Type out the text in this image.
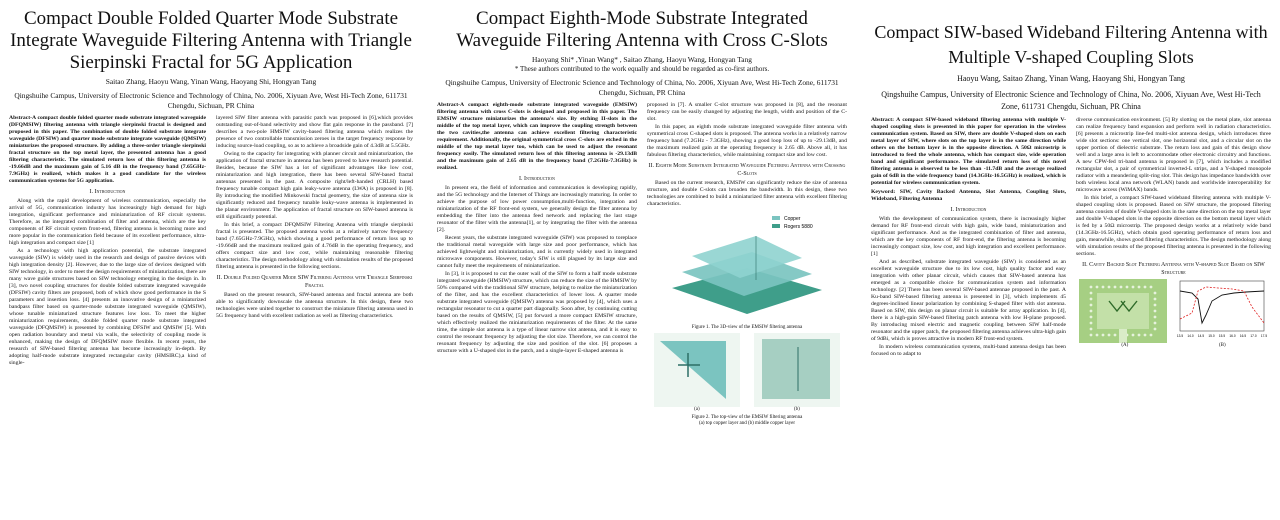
Compact Double Folded Quarter Mode Substrate Integrate Waveguide Filtering Antenna with Triangle Sierpinski Fractal for 5G Application
Saitao Zhang, Haoyu Wang, Yinan Wang, Haoyang Shi, Hongyan Tang
Qingshuihe Campus, University of Electronic Science and Technology of China, No. 2006, Xiyuan Ave, West Hi-Tech Zone, 611731 Chengdu, Sichuan, PR China

Abstract-A compact double folded quarter mode substrate integrated waveguide (DFQMSIW) filtering antenna with triangle sierpinski fractal is designed and proposed in this paper. The combination of double folded substrate integrate waveguide (DFSIW) and quarter mode substrate integrate waveguide (QMSIW) miniaturizes the proposed structure. By adding a three-order triangle sierpinski fractal structure on the top metal layer, the presented antenna has a good filtering characteristic. The simulated return loss of this filtering antenna is -19.66dB and the maximum gain of 5.16 dB in the frequency band (7.65GHz-7.9GHz) is realized, which makes it a good candidate for the wireless communication systems for 5G application.

I. Introduction

Along with the rapid development of wireless communication, especially the arrival of 5G, communication industry has increasingly high demand for high integration, significant performance and miniaturization of RF circuit systems. Therefore, as the integrated combination of filter and antenna, which are the key components of RF circuit system front-end, filtering antenna is becoming more and more popular in the communication field because of its excellent performance, ultra-high integration and compact size [1]

As a technology with high application potential, the substrate integrated waveguide (SIW) is widely used in the research and design of passive devices with high integration density [2]. However, due to the large size of devices designed with SIW technology, in order to meet the design requirements of miniaturization, there are many wave guide structures based on SIW technology emerging in the design in. In [3], two novel coupling structures for double folded substrate integrated waveguide (DFSIW) cavity filters are proposed, both of which show good performance in the S parameters and insertion loss. [4] presents an innovative design of a miniaturized bandpass filter based on quarter-mode substrate integrated waveguide (QMSIW), whose tunable miniaturized structure features low loss. To meet the higher miniaturization requirements, double folded quarter mode substrate integrated waveguide (DFQMSIW) is presented by combining DFSIW and QMSIW [5]. With open radiation boundary and metal via walls, the selectivity of coupling mode is enhanced, making the design of DFQMSIW more flexible. In recent years, the research of SIW-based filtering antenna has become increasingly in-depth. By adopting half-mode substrate integrated rectangular cavity (HMSIRC),a kind of single-

layered SIW filter antenna with parasitic patch was proposed in [6],which provides outstanding out-of-band selectivity and show flat gain response in the passband. [7] describes a two-pole HMSIW cavity-based filtering antenna which realizes the presence of two controllable transmission zeroes in the target frequency response by inducing source-load coupling, so as to achieve a broadside gain of 4.3dB at 5.5GHz.

Owing to the capacity for integrating with planner circuit and miniaturization, the application of fractal structure in antenna has been proved to have research potential. Besides, because the SIW has a lot of significant advantages like low cost, miniaturization and high integration, there has been several SIW-based fractal antennas presented in the past. A composite right/left-handed (CRLH) based frequency tunable compact high gain leaky-wave antenna (LWA) is proposed in [8]. By introducing the modified Minkowski fractal geometry, the size of antenna size is significantly reduced and frequency tunable leaky-wave antenna is implemented in the planar environment. The application of fractal structure on SIW-based antenna is still significantly potential.

In this brief, a compact DFQMSIW Filtering Antenna with triangle sierpinski fractal is presented. The proposed antenna works at a relatively narrow frequency band (7.65GHz-7.9GHz), which showing a good performance of return loss up to -19.66dB and the maximum realized gain of 4.76dB in the operating frequency, and offers compact size and low cost, while maintaining reasonable filtering characteristics. The design methodology along with simulation results of the proposed filtering antenna is presented in the following sections.

II. Double Folded Quarter Mode SIW Filtering Antenna with Triangle Sierpinski Fractal

Based on the present research, SIW-based antenna and fractal antenna are both able to significantly downscale the antenna structure. In this design, these two technologies were united together to construct the miniature filtering antenna used in 5G frequency band with excellent radiation as well as filtering characteristics.

Compact Eighth-Mode Substrate Integrated Waveguide Filtering Antenna with Cross C-Slots
Haoyang Shi* ,Yinan Wang* , Saitao Zhang, Haoyu Wang, Hongyan Tang
* These authors contributed to the work equally and should be regarded as co-first authors.
Qingshuihe Campus, University of Electronic Science and Technology of China, No. 2006, Xiyuan Ave, West Hi-Tech Zone, 611731 Chengdu, Sichuan, PR China

Abstract-A compact eighth-mode substrate integrated waveguide (EMSIW) filtering antenna with cross C-slots is designed and proposed in this paper. The EMSIW structure miniaturizes the antenna's size. By etching II-slots in the middle of the top metal layer, which can improve the coupling strength between the two cavities,the antenna can achieve excellent filtering characteristic requirement. Additionally, the original symmetrical cross C-slots are etched in the middle of the top metal layer too, which can be used to adjust the resonant frequency easily. The simulated return loss of this filtering antenna is -29.13dB and the maximum gain of 2.65 dB in the frequency band (7.2GHz-7.3GHz) is realized.

I. Introduction

In present era, the field of information and communication is developing rapidly, and the 5G technology and the Internet of Things are increasingly maturing. In order to achieve the purpose of low power consumption,multi-function, integration and miniaturization of the RF front-end system, we generally design the filter antenna by embedding the filter into the antenna feed network and replacing the last stage resonator of the filter with the antenna[1], or by integrating the filter with the antenna [2].

Recent years, the substrate integrated waveguide (SIW) was proposed to toreplace the traditional metal waveguide with large size and poor performance, which has achieved lightweight and miniaturization, and is currently widely used in integrated microwave components. However, today's SIW is still plagued by its large size and cannot fully meet the requirements of miniaturization.

In [3], it is proposed to cut the outer wall of the SIW to form a half mode substrate integrated waveguide (HMSIW) structure, which can reduce the size of the HMSIW by 50% compared with the traditional SIW structure, helping to realize the miniaturization of the filter, and has the excellent characteristics of lower loss. A quarter mode substrate integrated waveguide (QMSIW) antenna was proposed by [4], which uses a rectangular resonator to cut a quarter part diagonally. Soon after, by continuing cutting based on the results of QMSIW, [5] put forward a more compact EMSIW structure, which effectively realized the miniaturization requirements of the filter. At the same time, the simple slot antenna is a type of linear narrow slot antenna, and it is easy to control the resonant frequency by adjusting the slot size. Therefore, we can control the resonant frequency by adjusting the size and position of the slot. [6] proposes a structure with a U-shaped slot in the patch, and a single-layer E-shaped antenna is

proposed in [7]. A smaller C-slot structure was proposed in [8], and the resonant frequency can be easily changed by adjusting the length, width and position of the C-slot.

In this paper, an eighth mode substrate integrated waveguide filter antenna with symmetrical cross C-shaped slots is proposed. The antenna works in a relatively narrow frequency band (7.2GHz - 7.3GHz), showing a good loop loss of up to -29.13dB, and the maximum realized gain at the operating frequency is 2.65 dB. Above all, it has fabulous filtering characteristics, while maintaining compact size and low cost.

II. Eighth Mode Substrate Integrated Waveguide Filtering Antenna with Crossing C-Slots

Based on the current research, EMSIW can significantly reduce the size of antenna structure, and double C-slots can broaden the bandwidth. In this design, these two technologies are combined to build a miniaturized filter antenna with excellent filtering characteristics.

Copper
Rogers 5880
Figure 1. The 3D-view of the EMSIW filtering antenna
(a)	(b)
Figure 2. The top-view of the EMSIW filtering antenna
(a) top copper layer and (b) middle copper layer
Compact SIW-based Wideband Filtering Antenna with Multiple V-shaped Coupling Slots
Haoyu Wang, Saitao Zhang, Yinan Wang, Haoyang Shi, Hongyan Tang
Qingshuihe Campus, University of Electronic Science and Technology of China, No. 2006, Xiyuan Ave, West Hi-Tech Zone, 611731 Chengdu, Sichuan, PR China

Abstract: A compact SIW-based wideband filtering antenna with multiple V-shaped coupling slots is presented in this paper for operation in the wireless communication system. Based on SIW, there are double V-shaped slots on each metal layer of SIW, where slots on the top layer is in the same direction while others on the bottom layer is in the opposite direction. A 50Ω microstrip is introduced to feed the whole antenna, which has compact size, wide operation band and significant performance. The simulated return loss of this novel filtering antenna is observed to be less than -11.7dB and the average realized gain of 6dB in the wide frequency band (14.3GHz-16.5GHz) is realized, which is potential for wireless communication system.

Keyword: SIW, Cavity Backed Antenna, Slot Antenna, Coupling Slots, Wideband, Filtering Antenna

I. Introduction

With the development of communication system, there is increasingly higher demand for RF front-end circuit with high gain, wide band, miniaturization and significant performance. And as the integrated combination of filter and antenna, which are the key components of RF front-end, the filtering antenna is becoming increasingly compact size, low cost, and high integration and excellent performance. [1]

And as described, substrate integrated waveguide (SIW) is considered as an excellent waveguide structure due to its low cost, high quality factor and easy integration with other planar circuit, which causes that SIW-based antenna has emerged as a compatible choice for communication system and information technology. [2] There has been several SIW-based antennae proposed in the past. A Ku-band SIW-based filtering antenna is presented in [3], which implements 45 degrees-inclined linear polarization by combining S-shaped filter with slot antenna. Based on SIW, this design on planar circuit is suitable for array application. In [4], there is a high-gain SIW-based filtering patch antenna with low H-plane proposed. By introducing mixed electric and magnetic coupling between SIW half-mode resonator and the upper patch, the proposed filtering antenna achieves ultra-high gain of 9dBi, which is proves attractive in modern RF front-end system.

In modern wireless communication systems, multi-band antenna design has been focused on to adapt to

diverse communication environment. [5] By slotting on the metal plate, slot antenna can realize frequency band expansion and perform well in radiation characteristics. [6] presents a microstrip line-fed multi-slot antenna design, which introduces three wide slot sections: one vertical slot, one horizontal slot, and a circular slot on the upper portion of dielectric substrate. The return loss and gain of this design show well and a large area is left to accommodate other electronic circuitry and functions. A new CPW-fed tri-band antenna is proposed in [7], which includes a modified rectangular slot, a pair of symmetrical inverted-L strips, and a Y-shaped monopole radiator with a meandering split-ring slot. This design has impedance bandwidth over both wireless local area network (WLAN) bands and worldwide interoperability for microwave access (WiMAX) bands.

In this brief, a compact SIW-based wideband filtering antenna with multiple V-shaped coupling slots is proposed. Based on SIW structure, the proposed filtering antenna consists of double V-shaped slots in the same direction on the top metal layer and double V-shaped slots in the opposite direction on the bottom metal layer which is fed by a 50Ω microstrip. The proposed design works at a relatively wide band (14.3GHz-16.5GHz), which obtain good operating performance of return loss and gain, meanwhile, shows good filtering characteristics. The design methodology along with simulation results of the proposed filtering antenna is presented in the following sections.

II. Cavity Backed Slot Filtering Antenna with V-shaped Slot Based on SIW Structure
13.5 14.0 14.5 15.0 15.5 16.0 16.5 17.0 17.5
(A)	(B)
